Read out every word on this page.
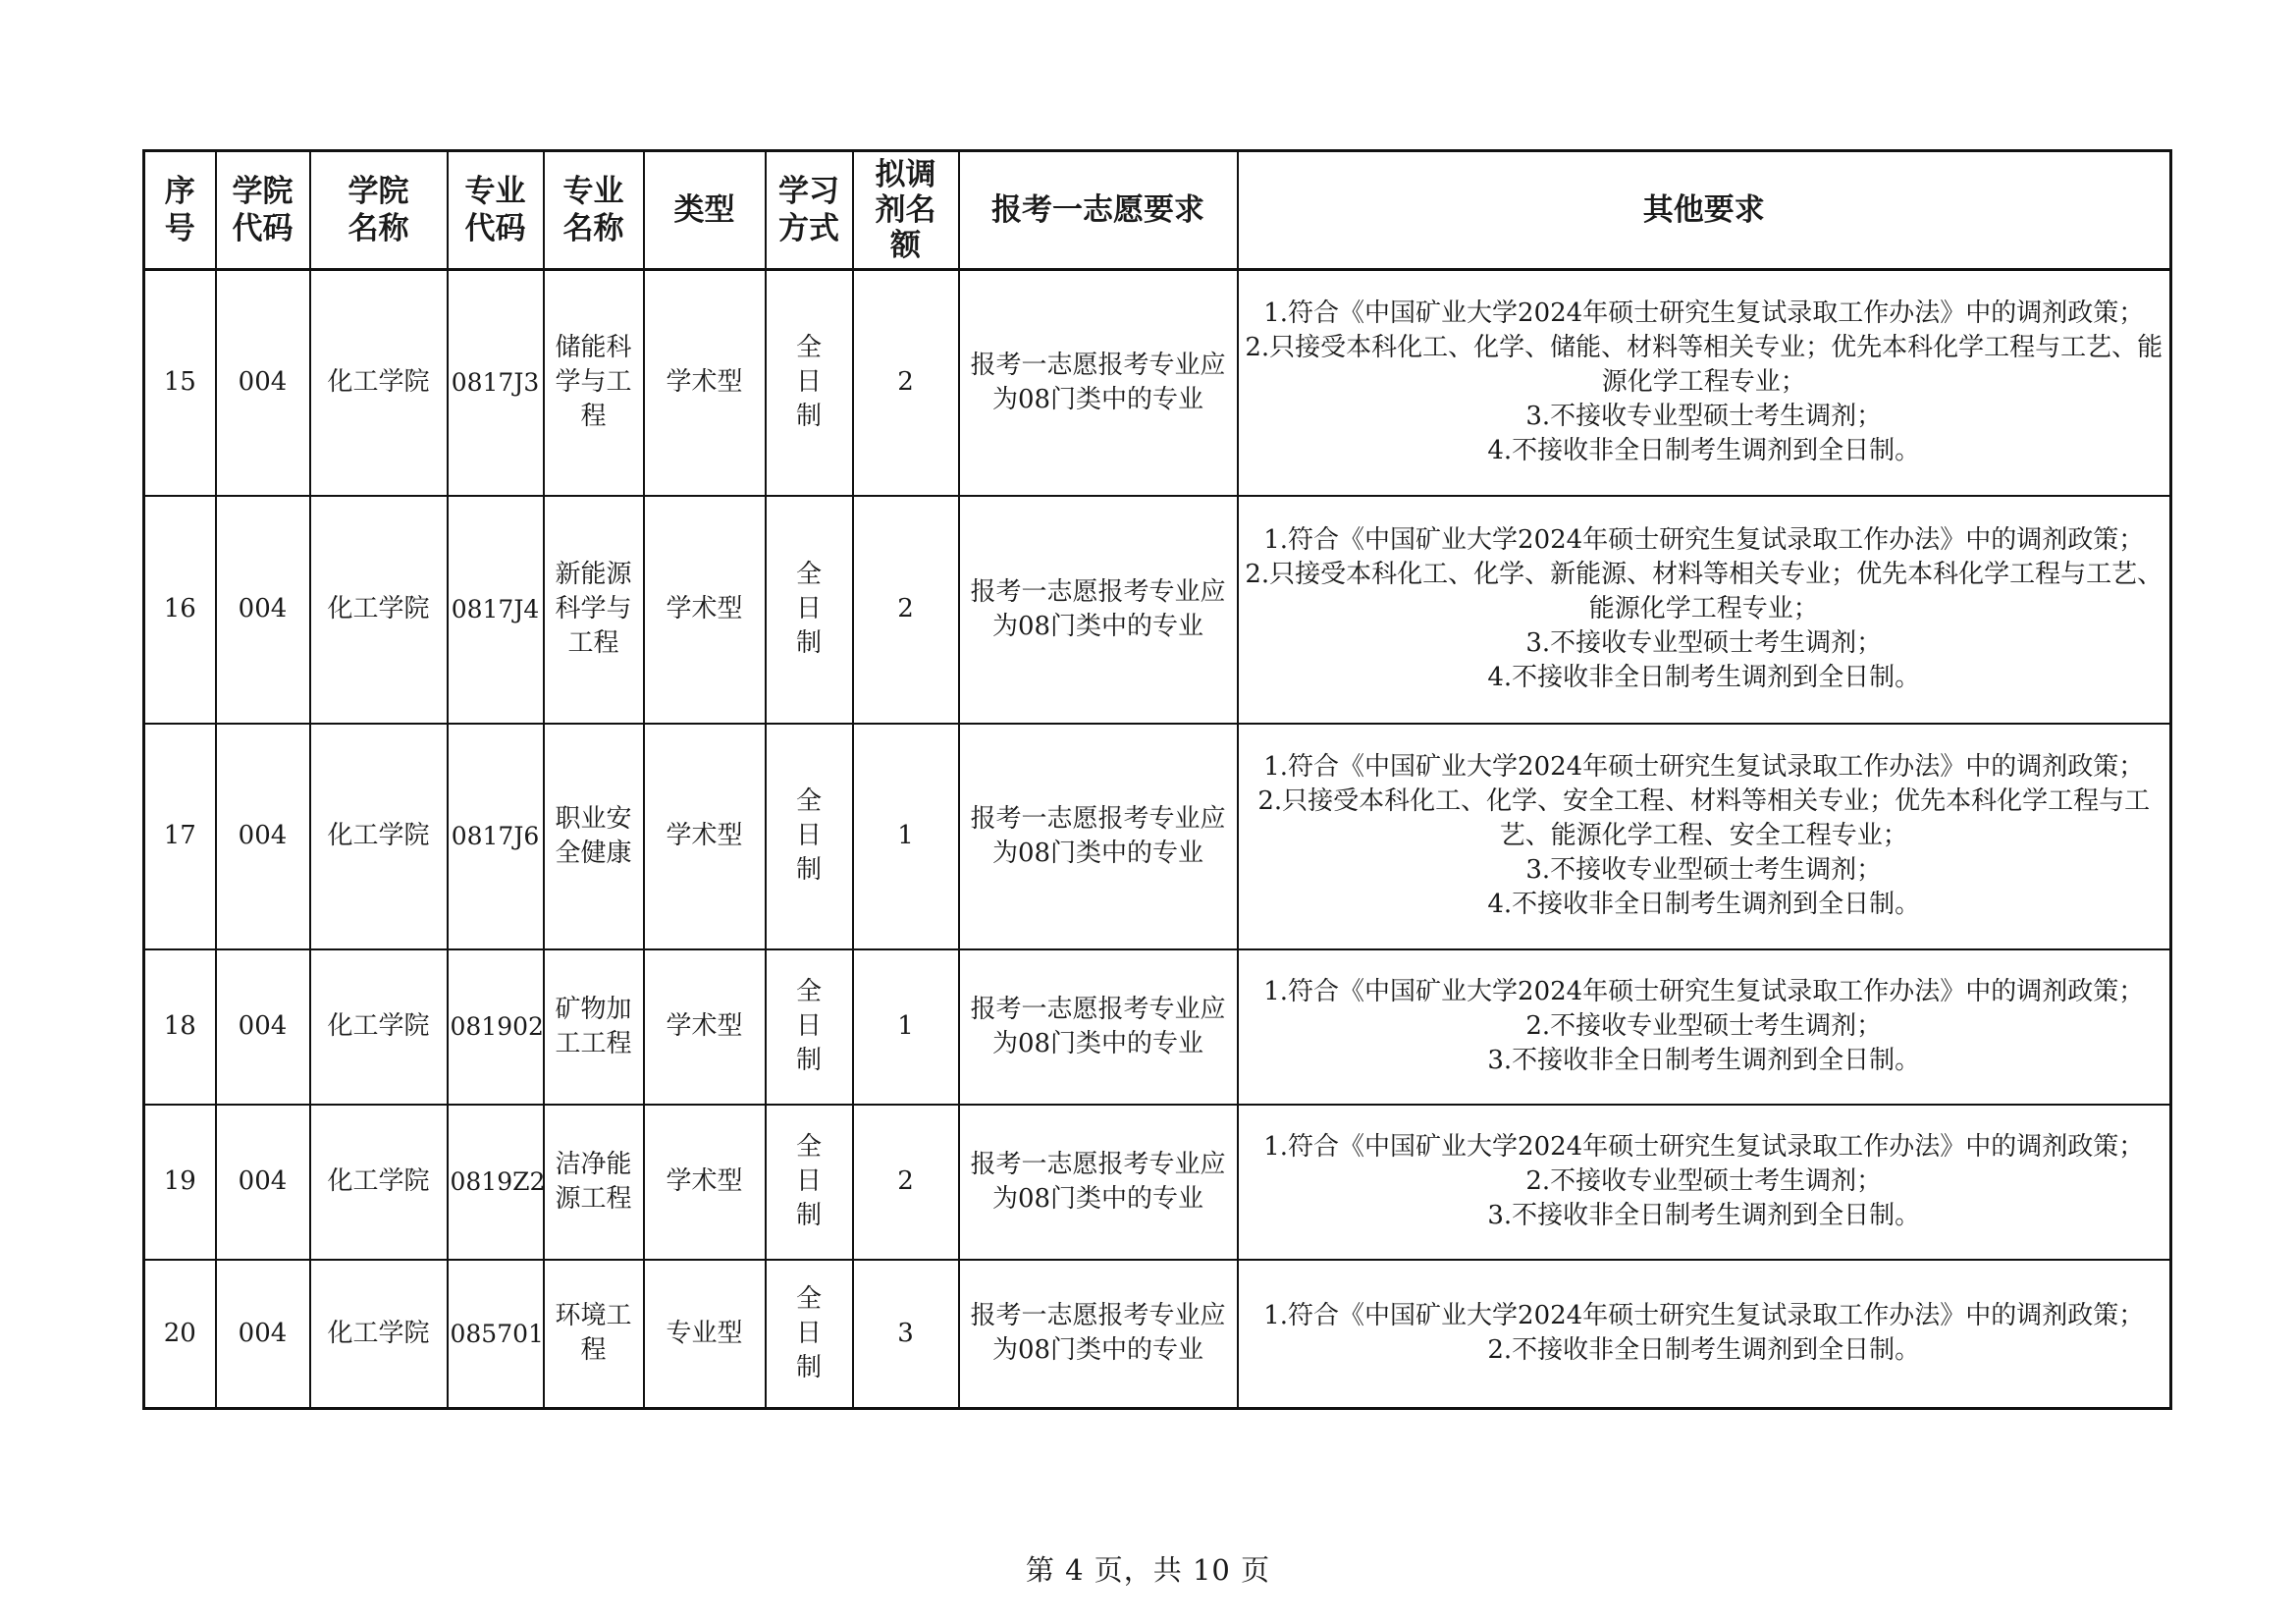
序号	学院代码	学院名称	专业代码	专业名称	类型	学习方式	拟调剂名额	报考一志愿要求	其他要求
15	004	化工学院	0817J3	储能科学与工程	学术型	全日制	2	报考一志愿报考专业应为08门类中的专业	1.符合《中国矿业大学2024年硕士研究生复试录取工作办法》中的调剂政策；
2.只接受本科化工、化学、储能、材料等相关专业；优先本科化学工程与工艺、能源化学工程专业；
3.不接收专业型硕士考生调剂；
4.不接收非全日制考生调剂到全日制。

16	004	化工学院	0817J4	新能源科学与工程	学术型	全日制	2	报考一志愿报考专业应为08门类中的专业	1.符合《中国矿业大学2024年硕士研究生复试录取工作办法》中的调剂政策；
2.只接受本科化工、化学、新能源、材料等相关专业；优先本科化学工程与工艺、能源化学工程专业；
3.不接收专业型硕士考生调剂；
4.不接收非全日制考生调剂到全日制。

17	004	化工学院	0817J6	职业安全健康	学术型	全日制	1	报考一志愿报考专业应为08门类中的专业	1.符合《中国矿业大学2024年硕士研究生复试录取工作办法》中的调剂政策；
2.只接受本科化工、化学、安全工程、材料等相关专业；优先本科化学工程与工艺、能源化学工程、安全工程专业；
3.不接收专业型硕士考生调剂；
4.不接收非全日制考生调剂到全日制。

18	004	化工学院	081902	矿物加工工程	学术型	全日制	1	报考一志愿报考专业应为08门类中的专业	1.符合《中国矿业大学2024年硕士研究生复试录取工作办法》中的调剂政策；
2.不接收专业型硕士考生调剂；
3.不接收非全日制考生调剂到全日制。

19	004	化工学院	0819Z2	洁净能源工程	学术型	全日制	2	报考一志愿报考专业应为08门类中的专业	1.符合《中国矿业大学2024年硕士研究生复试录取工作办法》中的调剂政策；
2.不接收专业型硕士考生调剂；
3.不接收非全日制考生调剂到全日制。

20	004	化工学院	085701	环境工程	专业型	全日制	3	报考一志愿报考专业应为08门类中的专业	1.符合《中国矿业大学2024年硕士研究生复试录取工作办法》中的调剂政策；
2.不接收非全日制考生调剂到全日制。
第 4 页，共 10 页
